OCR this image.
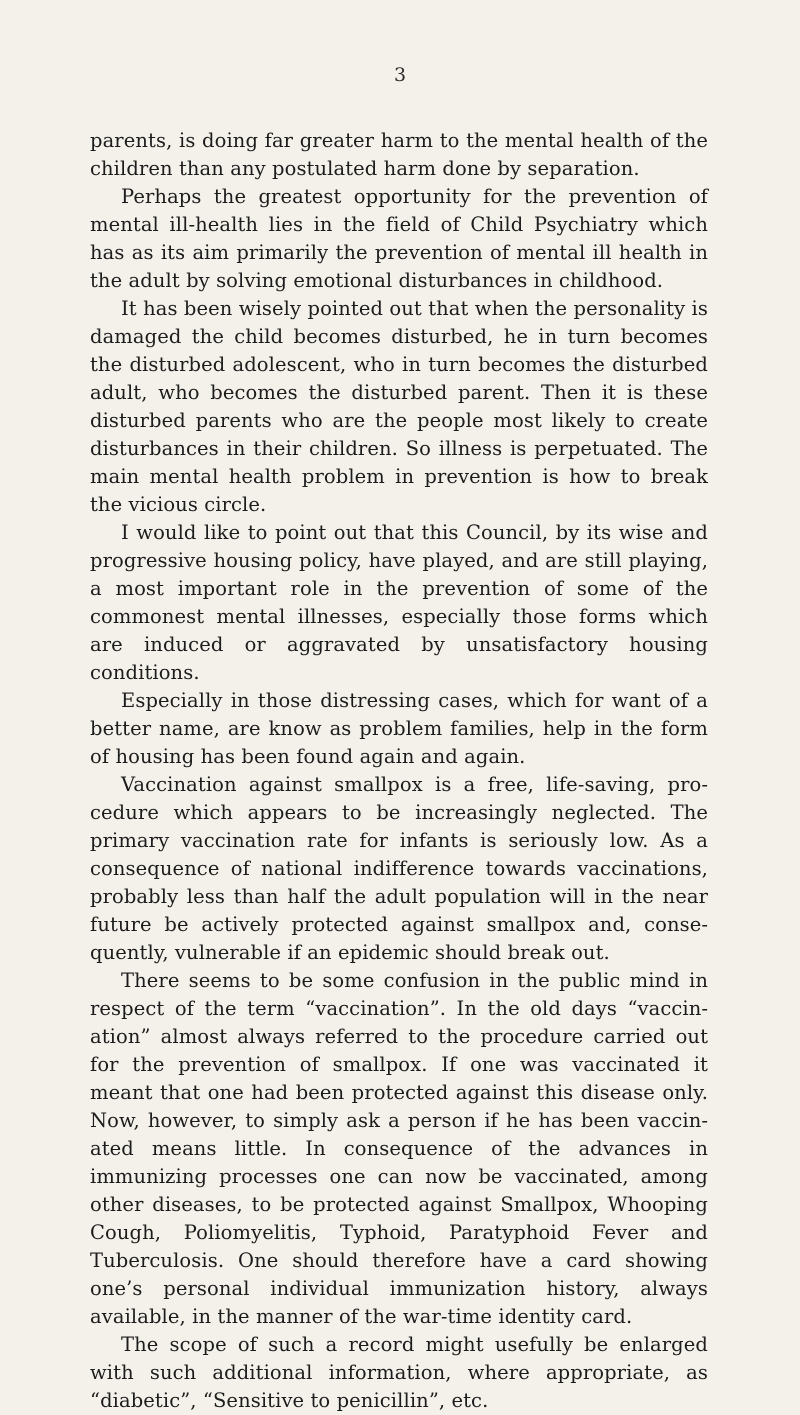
3

parents, is doing far greater harm to the mental health of the children than any postulated harm done by separation.

Perhaps the greatest opportunity for the prevention of mental ill-health lies in the field of Child Psychiatry which has as its aim primarily the prevention of mental ill health in the adult by solving emotional disturbances in childhood.

It has been wisely pointed out that when the personality is damaged the child becomes disturbed, he in turn becomes the disturbed adolescent, who in turn becomes the disturbed adult, who becomes the disturbed parent. Then it is these disturbed parents who are the people most likely to create disturbances in their children. So illness is perpetuated. The main mental health problem in prevention is how to break the vicious circle.

I would like to point out that this Council, by its wise and progressive housing policy, have played, and are still playing, a most important role in the prevention of some of the commonest mental illnesses, especially those forms which are induced or aggravated by unsatisfactory housing conditions.

Especially in those distressing cases, which for want of a better name, are know as problem families, help in the form of housing has been found again and again.

Vaccination against smallpox is a free, life-saving, procedure which appears to be increasingly neglected. The primary vaccination rate for infants is seriously low. As a consequence of national indifference towards vaccinations, probably less than half the adult population will in the near future be actively protected against smallpox and, consequently, vulnerable if an epidemic should break out.

There seems to be some confusion in the public mind in respect of the term “vaccination”. In the old days “vaccination” almost always referred to the procedure carried out for the prevention of smallpox. If one was vaccinated it meant that one had been protected against this disease only. Now, however, to simply ask a person if he has been vaccinated means little. In consequence of the advances in immunizing processes one can now be vaccinated, among other diseases, to be protected against Smallpox, Whooping Cough, Poliomyelitis, Typhoid, Paratyphoid Fever and Tuberculosis. One should therefore have a card showing one’s personal individual immunization history, always available, in the manner of the war-time identity card.

The scope of such a record might usefully be enlarged with such additional information, where appropriate, as “diabetic”, “Sensitive to penicillin”, etc.
